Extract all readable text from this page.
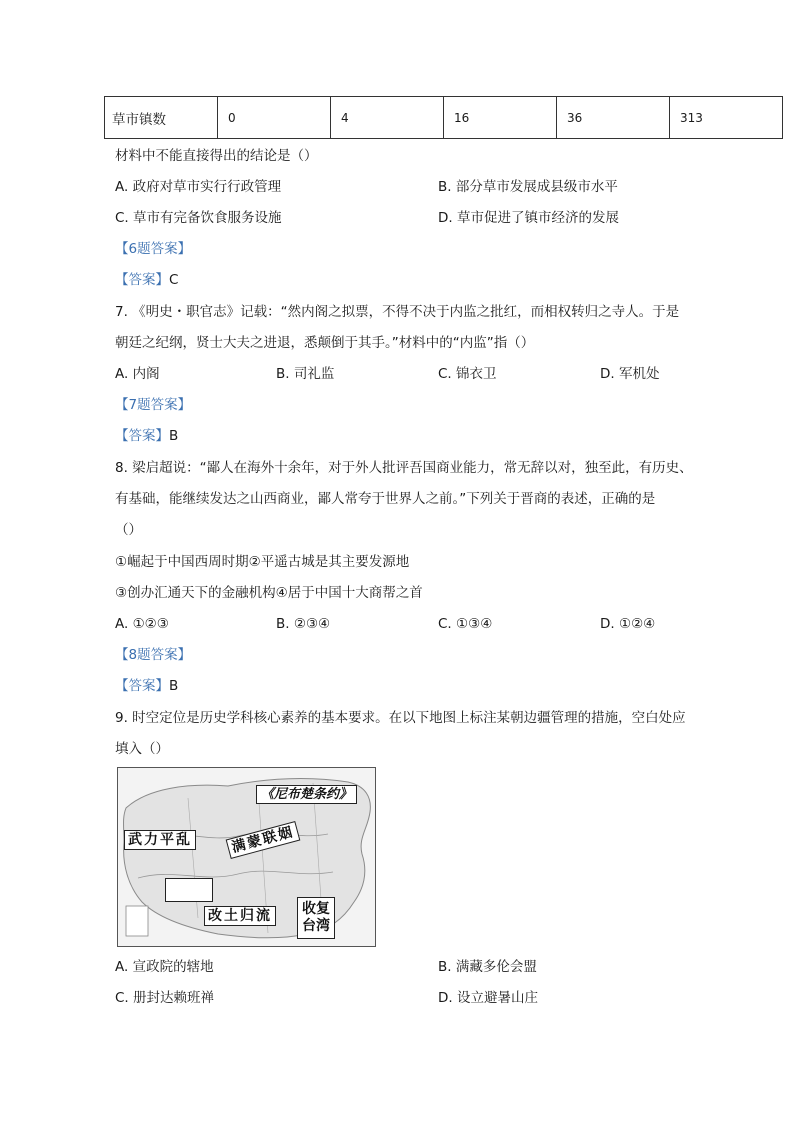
草市镇数	0	4	16	36	313
材料中不能直接得出的结论是（）
A. 政府对草市实行行政管理	B. 部分草市发展成县级市水平
C. 草市有完备饮食服务设施	D. 草市促进了镇市经济的发展
【6题答案】
【答案】C
7. 《明史・职官志》记载：“然内阁之拟票，不得不决于内监之批红，而相权转归之寺人。于是
朝廷之纪纲，贤士大夫之进退，悉颠倒于其手。”材料中的“内监”指（）
A. 内阁	B. 司礼监	C. 锦衣卫	D. 军机处
【7题答案】
【答案】B
8. 梁启超说：“鄙人在海外十余年，对于外人批评吾国商业能力，常无辞以对，独至此，有历史、
有基础，能继续发达之山西商业，鄙人常夸于世界人之前。”下列关于晋商的表述，正确的是
（）
①崛起于中国西周时期②平遥古城是其主要发源地
③创办汇通天下的金融机构④居于中国十大商帮之首
A. ①②③	B. ②③④	C. ①③④	D. ①②④
【8题答案】
【答案】B
9. 时空定位是历史学科核心素养的基本要求。在以下地图上标注某朝边疆管理的措施，空白处应
填入（）
《尼布楚条约》
武力平乱	满蒙联姻
改土归流 收复
台湾
A. 宣政院的辖地	B. 满藏多伦会盟
C. 册封达赖班禅	D. 设立避暑山庄
